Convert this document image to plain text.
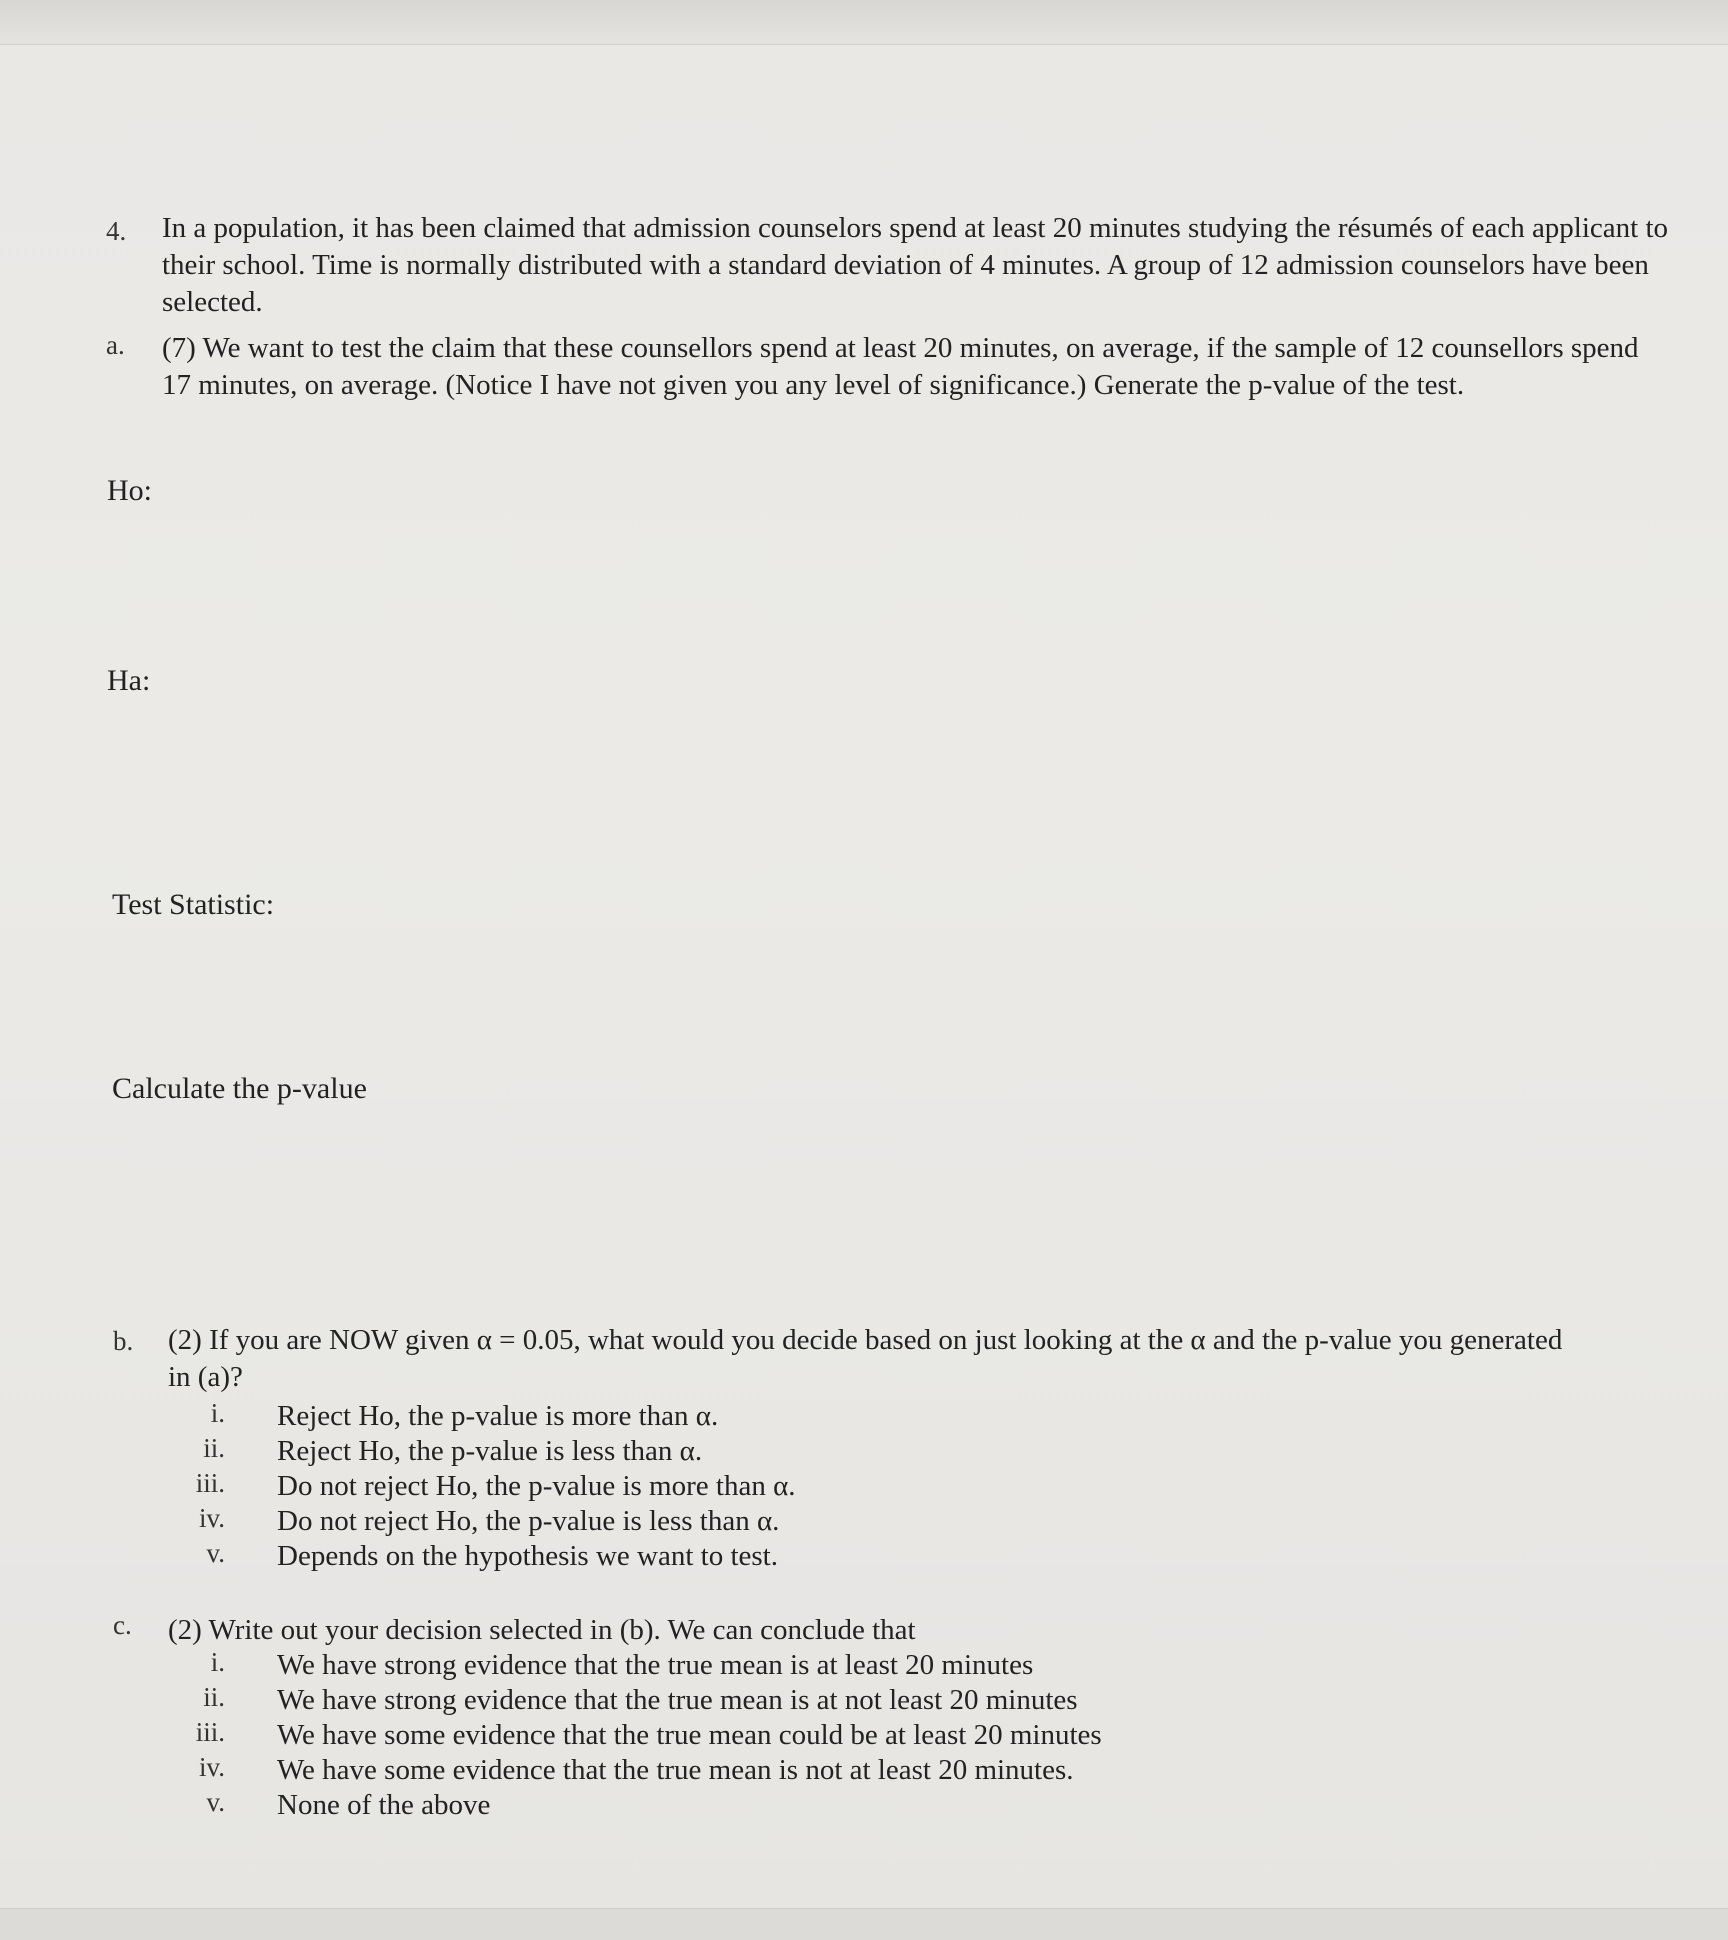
4. In a population, it has been claimed that admission counselors spend at least 20 minutes studying the résumés of each applicant to their school. Time is normally distributed with a standard deviation of 4 minutes. A group of 12 admission counselors have been selected.
a. (7) We want to test the claim that these counsellors spend at least 20 minutes, on average, if the sample of 12 counsellors spend 17 minutes, on average. (Notice I have not given you any level of significance.) Generate the p-value of the test.
Ho:
Ha:
Test Statistic:
Calculate the p-value
b. (2) If you are NOW given α = 0.05, what would you decide based on just looking at the α and the p-value you generated in (a)?
i. Reject Ho, the p-value is more than α.
ii. Reject Ho, the p-value is less than α.
iii. Do not reject Ho, the p-value is more than α.
iv. Do not reject Ho, the p-value is less than α.
v. Depends on the hypothesis we want to test.
c. (2) Write out your decision selected in (b). We can conclude that
i. We have strong evidence that the true mean is at least 20 minutes
ii. We have strong evidence that the true mean is at not least 20 minutes
iii. We have some evidence that the true mean could be at least 20 minutes
iv. We have some evidence that the true mean is not at least 20 minutes.
v. None of the above
